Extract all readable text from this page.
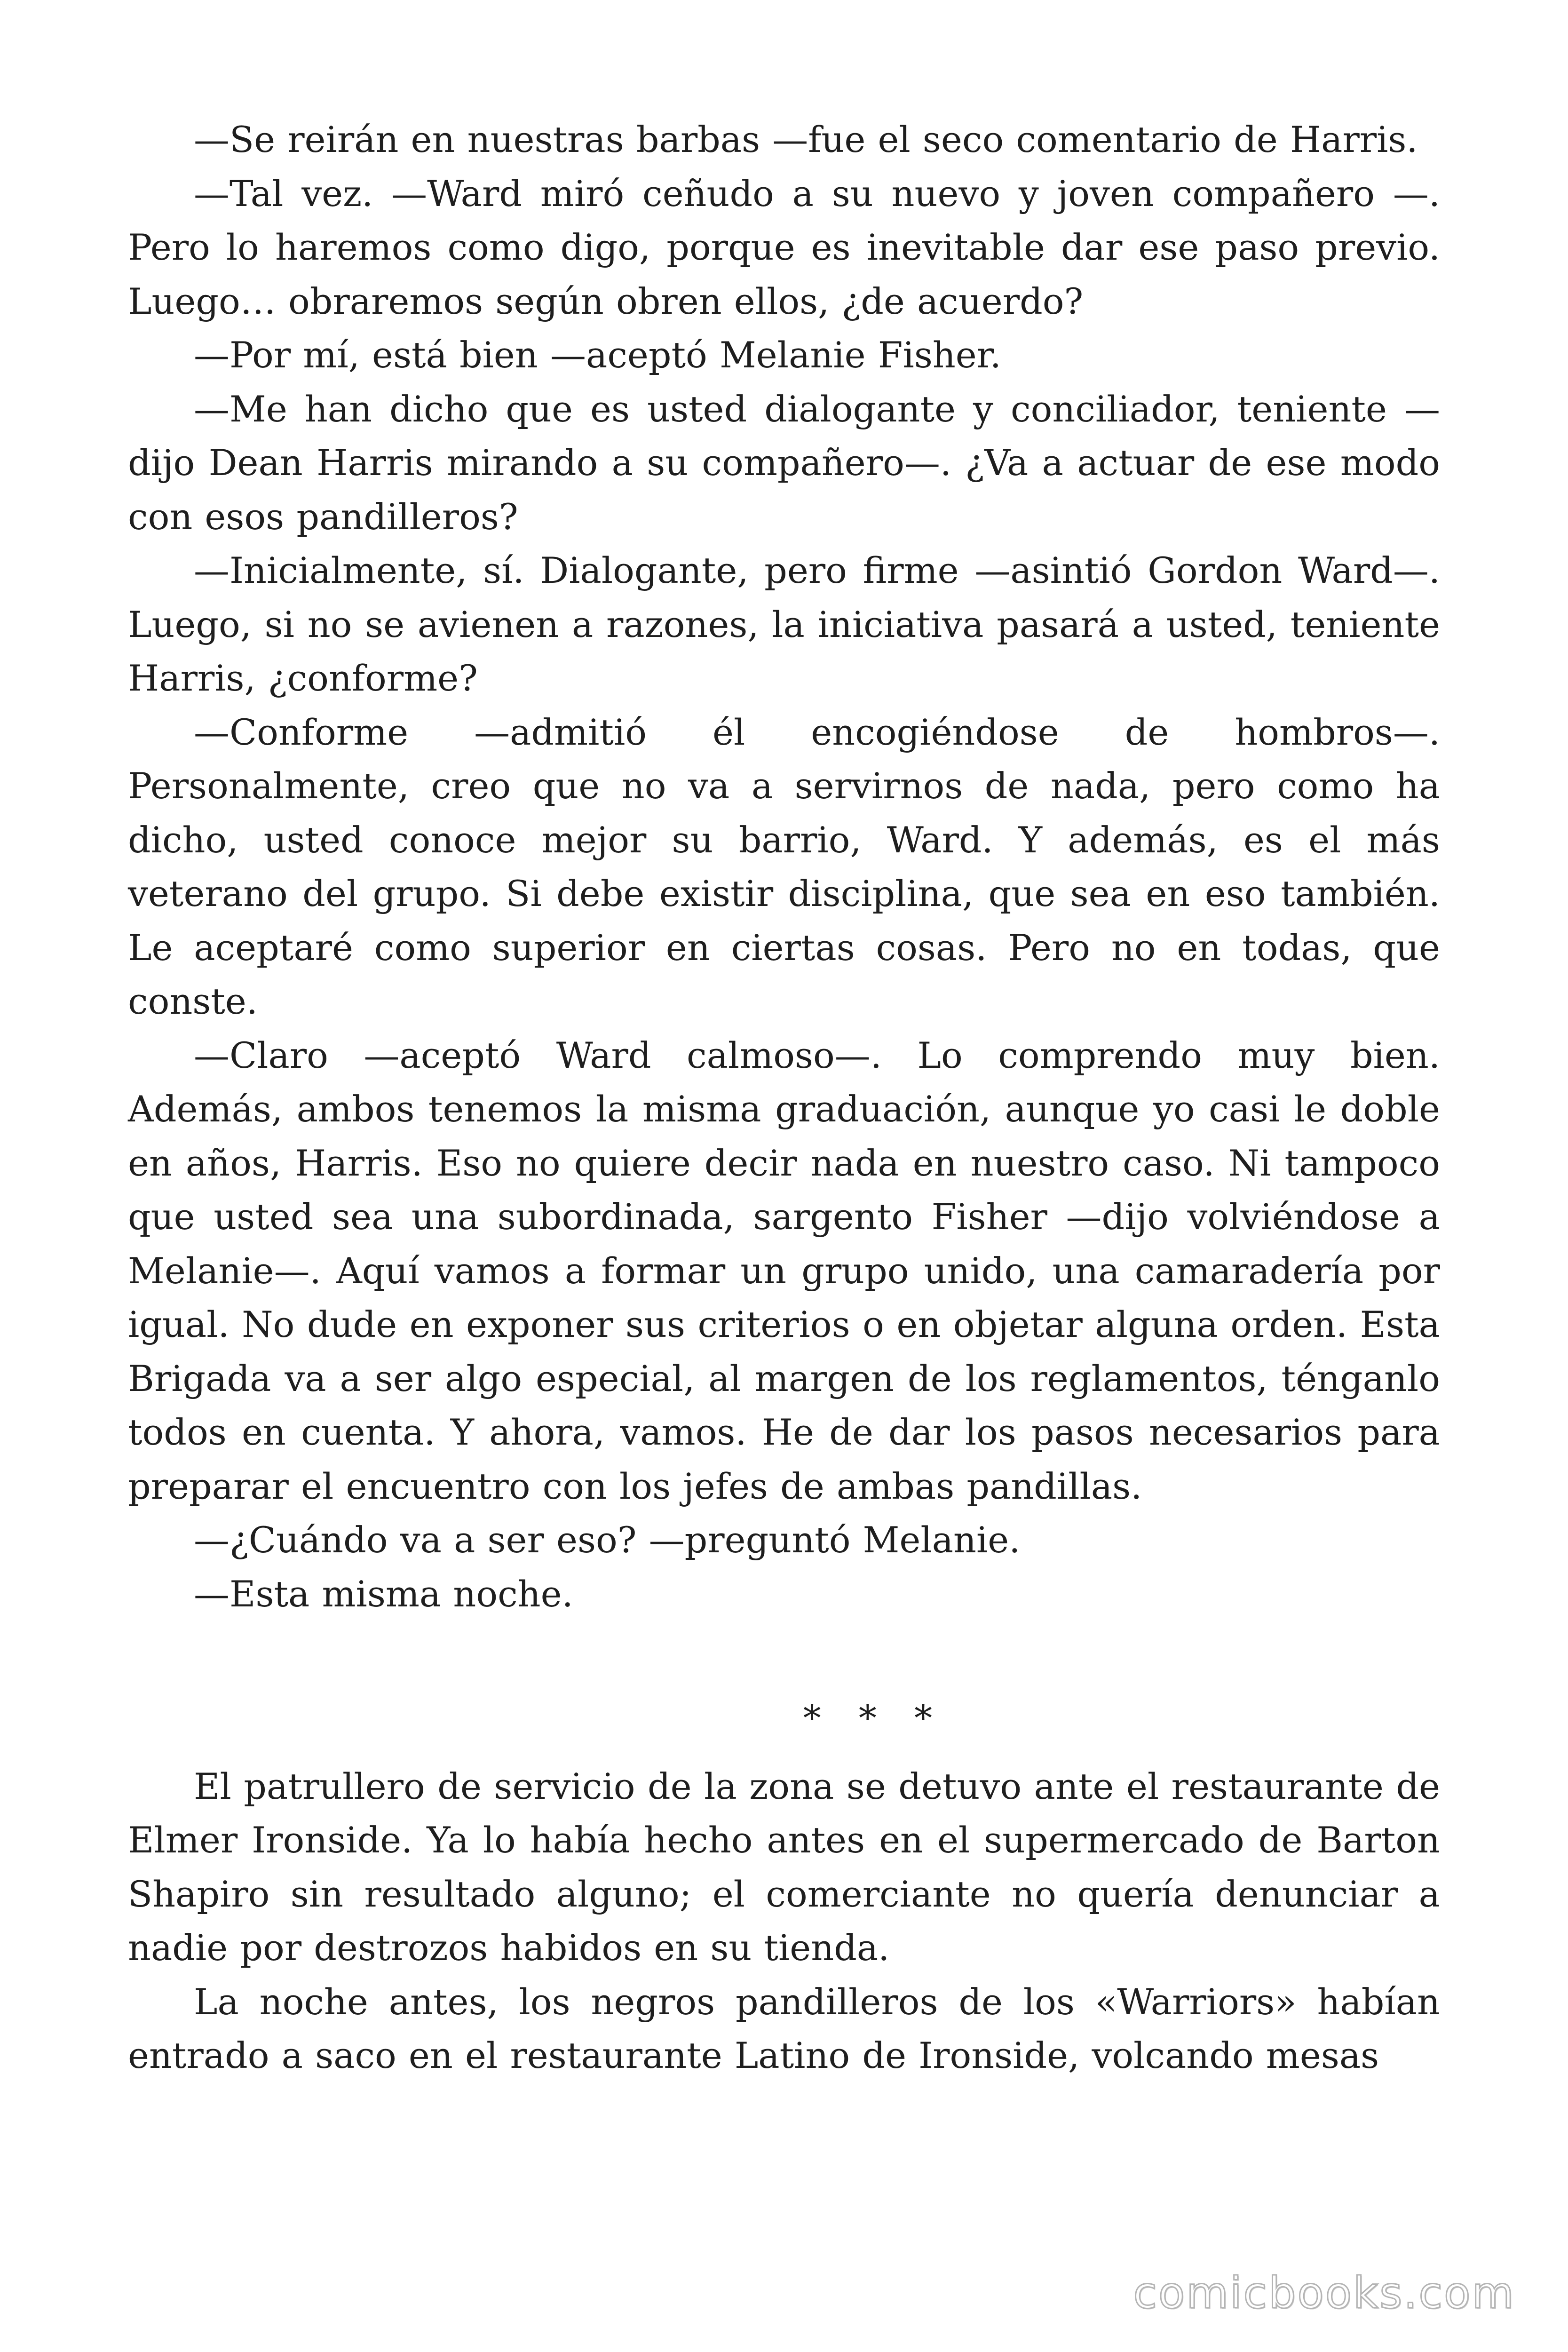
—Se reirán en nuestras barbas —fue el seco comentario de Harris.

—Tal vez. —Ward miró ceñudo a su nuevo y joven compañero —. Pero lo haremos como digo, porque es inevitable dar ese paso previo. Luego… obraremos según obren ellos, ¿de acuerdo?

—Por mí, está bien —aceptó Melanie Fisher.

—Me han dicho que es usted dialogante y conciliador, teniente —dijo Dean Harris mirando a su compañero—. ¿Va a actuar de ese modo con esos pandilleros?

—Inicialmente, sí. Dialogante, pero firme —asintió Gordon Ward—. Luego, si no se avienen a razones, la iniciativa pasará a usted, teniente Harris, ¿conforme?

—Conforme —admitió él encogiéndose de hombros—. Personalmente, creo que no va a servirnos de nada, pero como ha dicho, usted conoce mejor su barrio, Ward. Y además, es el más veterano del grupo. Si debe existir disciplina, que sea en eso también. Le aceptaré como superior en ciertas cosas. Pero no en todas, que conste.

—Claro —aceptó Ward calmoso—. Lo comprendo muy bien. Además, ambos tenemos la misma graduación, aunque yo casi le doble en años, Harris. Eso no quiere decir nada en nuestro caso. Ni tampoco que usted sea una subordinada, sargento Fisher —dijo volviéndose a Melanie—. Aquí vamos a formar un grupo unido, una camaradería por igual. No dude en exponer sus criterios o en objetar alguna orden. Esta Brigada va a ser algo especial, al margen de los reglamentos, ténganlo todos en cuenta. Y ahora, vamos. He de dar los pasos necesarios para preparar el encuentro con los jefes de ambas pandillas.

—¿Cuándo va a ser eso? —preguntó Melanie.

—Esta misma noche.

* * *

El patrullero de servicio de la zona se detuvo ante el restaurante de Elmer Ironside. Ya lo había hecho antes en el supermercado de Barton Shapiro sin resultado alguno; el comerciante no quería denunciar a nadie por destrozos habidos en su tienda.

La noche antes, los negros pandilleros de los «Warriors» habían entrado a saco en el restaurante Latino de Ironside, volcando mesas

comicbooks.com
